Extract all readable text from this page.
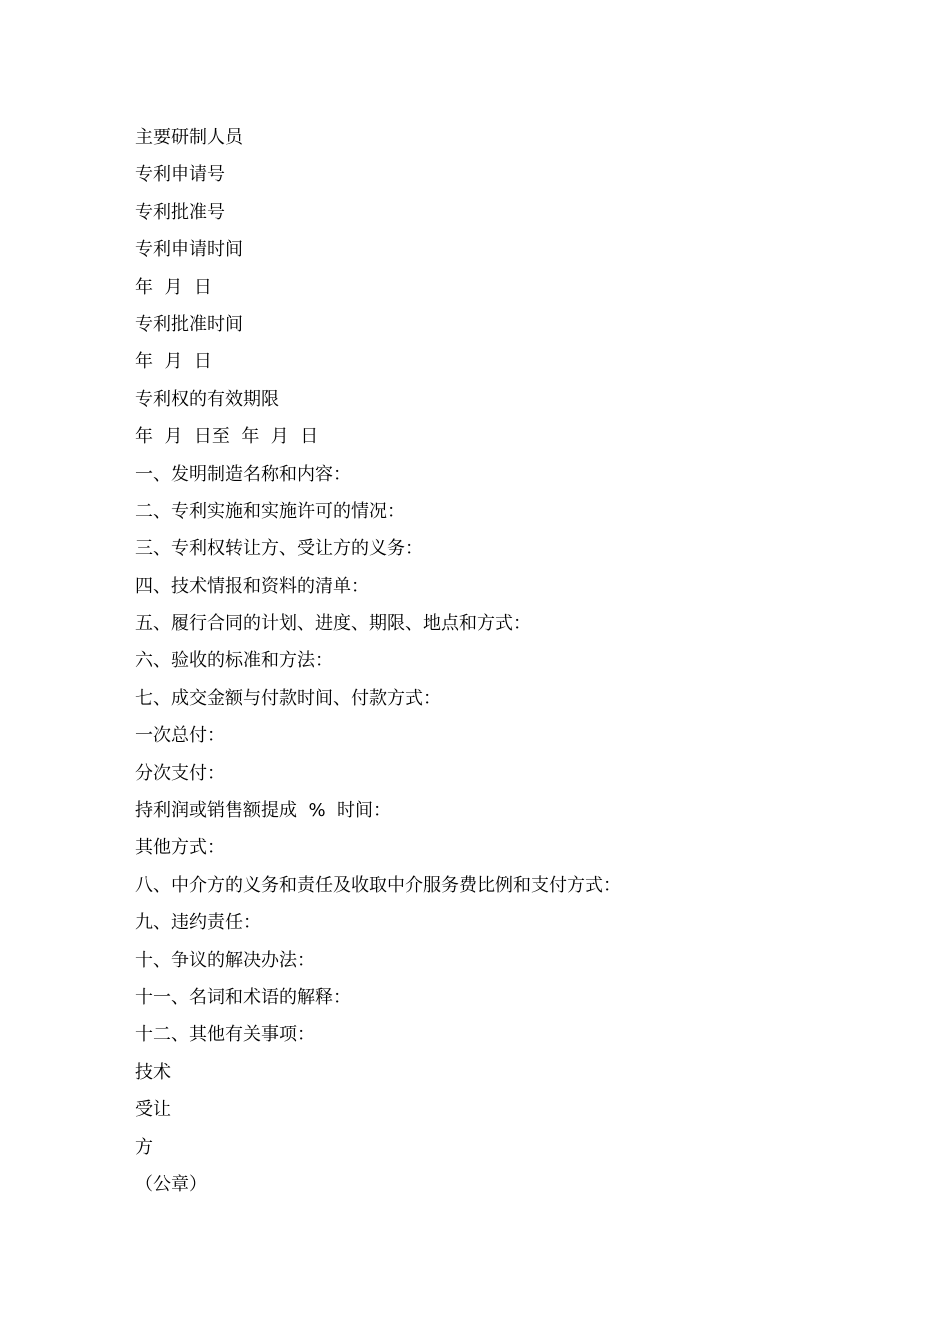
主要研制人员
专利申请号
专利批准号
专利申请时间
年  月  日
专利批准时间
年  月  日
专利权的有效期限
年  月  日至  年  月  日
一、发明制造名称和内容：
二、专利实施和实施许可的情况：
三、专利权转让方、受让方的义务：
四、技术情报和资料的清单：
五、履行合同的计划、进度、期限、地点和方式：
六、验收的标准和方法：
七、成交金额与付款时间、付款方式：
一次总付：
分次支付：
持利润或销售额提成  %  时间：
其他方式：
八、中介方的义务和责任及收取中介服务费比例和支付方式：
九、违约责任：
十、争议的解决办法：
十一、名词和术语的解释：
十二、其他有关事项：
技术
受让
方
（公章）
